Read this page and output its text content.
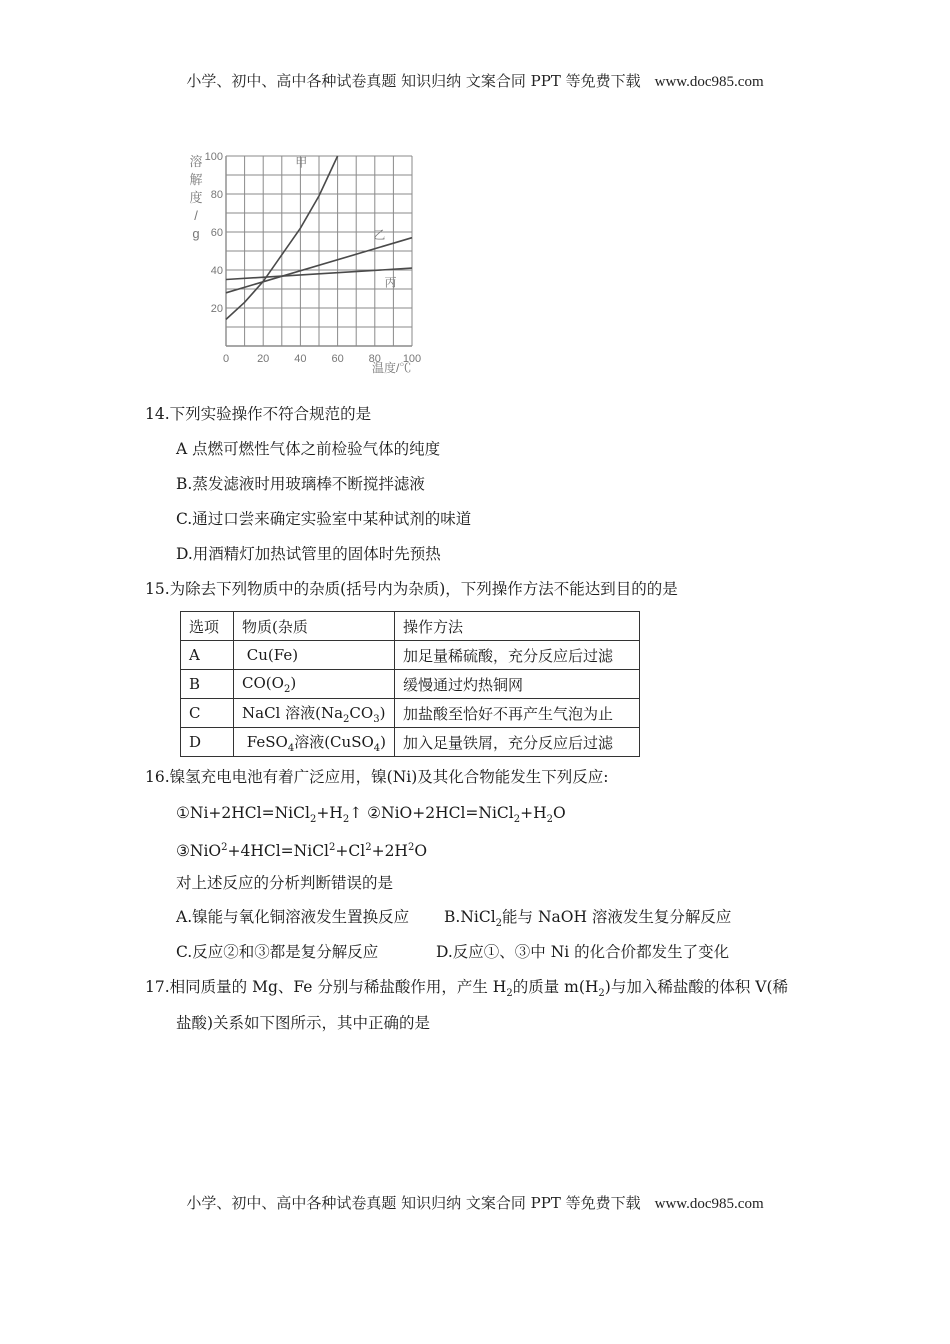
小学、初中、高中各种试卷真题 知识归纳 文案合同 PPT 等免费下载 www.doc985.com
溶
解
度
/
g
20
40
60
80
100
0	20 40 60 80 100
温度/℃
甲
乙
丙
14.下列实验操作不符合规范的是
A 点燃可燃性气体之前检验气体的纯度
B.蒸发滤液时用玻璃棒不断搅拌滤液
C.通过口尝来确定实验室中某种试剂的味道
D.用酒精灯加热试管里的固体时先预热
15.为除去下列物质中的杂质(括号内为杂质)，下列操作方法不能达到目的的是
选项	物质(杂质	操作方法
A	Cu(Fe)	加足量稀硫酸，充分反应后过滤
B	$CO(O_2)$	缓慢通过灼热铜网
C	NaCl 溶液$(Na_2CO_3)$	加盐酸至恰好不再产生气泡为止
D	FeSO$_4$溶液(CuSO$_4$)	加入足量铁屑，充分反应后过滤
16.镍氢充电电池有着广泛应用，镍(Ni)及其化合物能发生下列反应:
$①Ni+2HCl=NiCl_2+H_2↑$ $②NiO+2HCl=NiCl_2+H_2O$
$③NiO^2+4HCl=NiCl^2+Cl^2+2H^2O$
对上述反应的分析判断错误的是
A.镍能与氧化铜溶液发生置换反应 B.NiCl$_2$能与 NaOH 溶液发生复分解反应
C.反应②和③都是复分解反应	D.反应①、③中 Ni 的化合价都发生了变化
17.相同质量的 Mg、Fe 分别与稀盐酸作用，产生 $H_2$的质量 $m(H_2)$与加入稀盐酸的体积 V(稀
盐酸)关系如下图所示，其中正确的是
小学、初中、高中各种试卷真题 知识归纳 文案合同 PPT 等免费下载 www.doc985.com
